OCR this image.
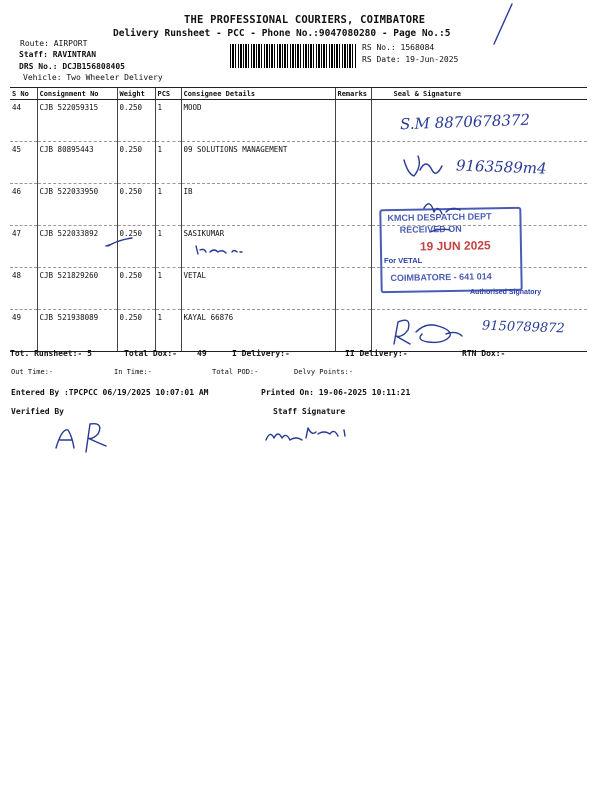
THE PROFESSIONAL COURIERS, COIMBATORE
Delivery Runsheet - PCC - Phone No.:9047080280 - Page No.:5
Route: AIRPORT
Staff: RAVINTRAN
DRS No.: DCJB156808405
Vehicle: Two Wheeler Delivery
RS No.: 1568084
RS Date: 19-Jun-2025
S No	Consignment No	Weight	PCS	Consignee Details	Remarks	Seal & Signature
44	CJB 522059315	0.250	1	MOOD		
45	CJB 80895443	0.250	1	09 SOLUTIONS MANAGEMENT		
46	CJB 522033950	0.250	1	IB		
47	CJB 522033892	0.250	1	SASIKUMAR		
48	CJB 521829260	0.250	1	VETAL		
49	CJB 521938089	0.250	1	KAYAL 66876		
S.M 8870678372
9163589m4
9150789872
KMCH DESPATCH DEPT
RECEIVED ON
19 JUN 2025
COIMBATORE - 641 014
For VETAL
Authorised Signatory
Tot. Runsheet:- 5	Total Dox:-	49	I Delivery:-	II Delivery:-	RTN Dox:-
Out Time:-	In Time:-	Total POD:-	Delvy Points:-
Entered By :TPCPCC 06/19/2025 10:07:01 AM	Printed On: 19-06-2025 10:11:21
Verified By	Staff Signature
